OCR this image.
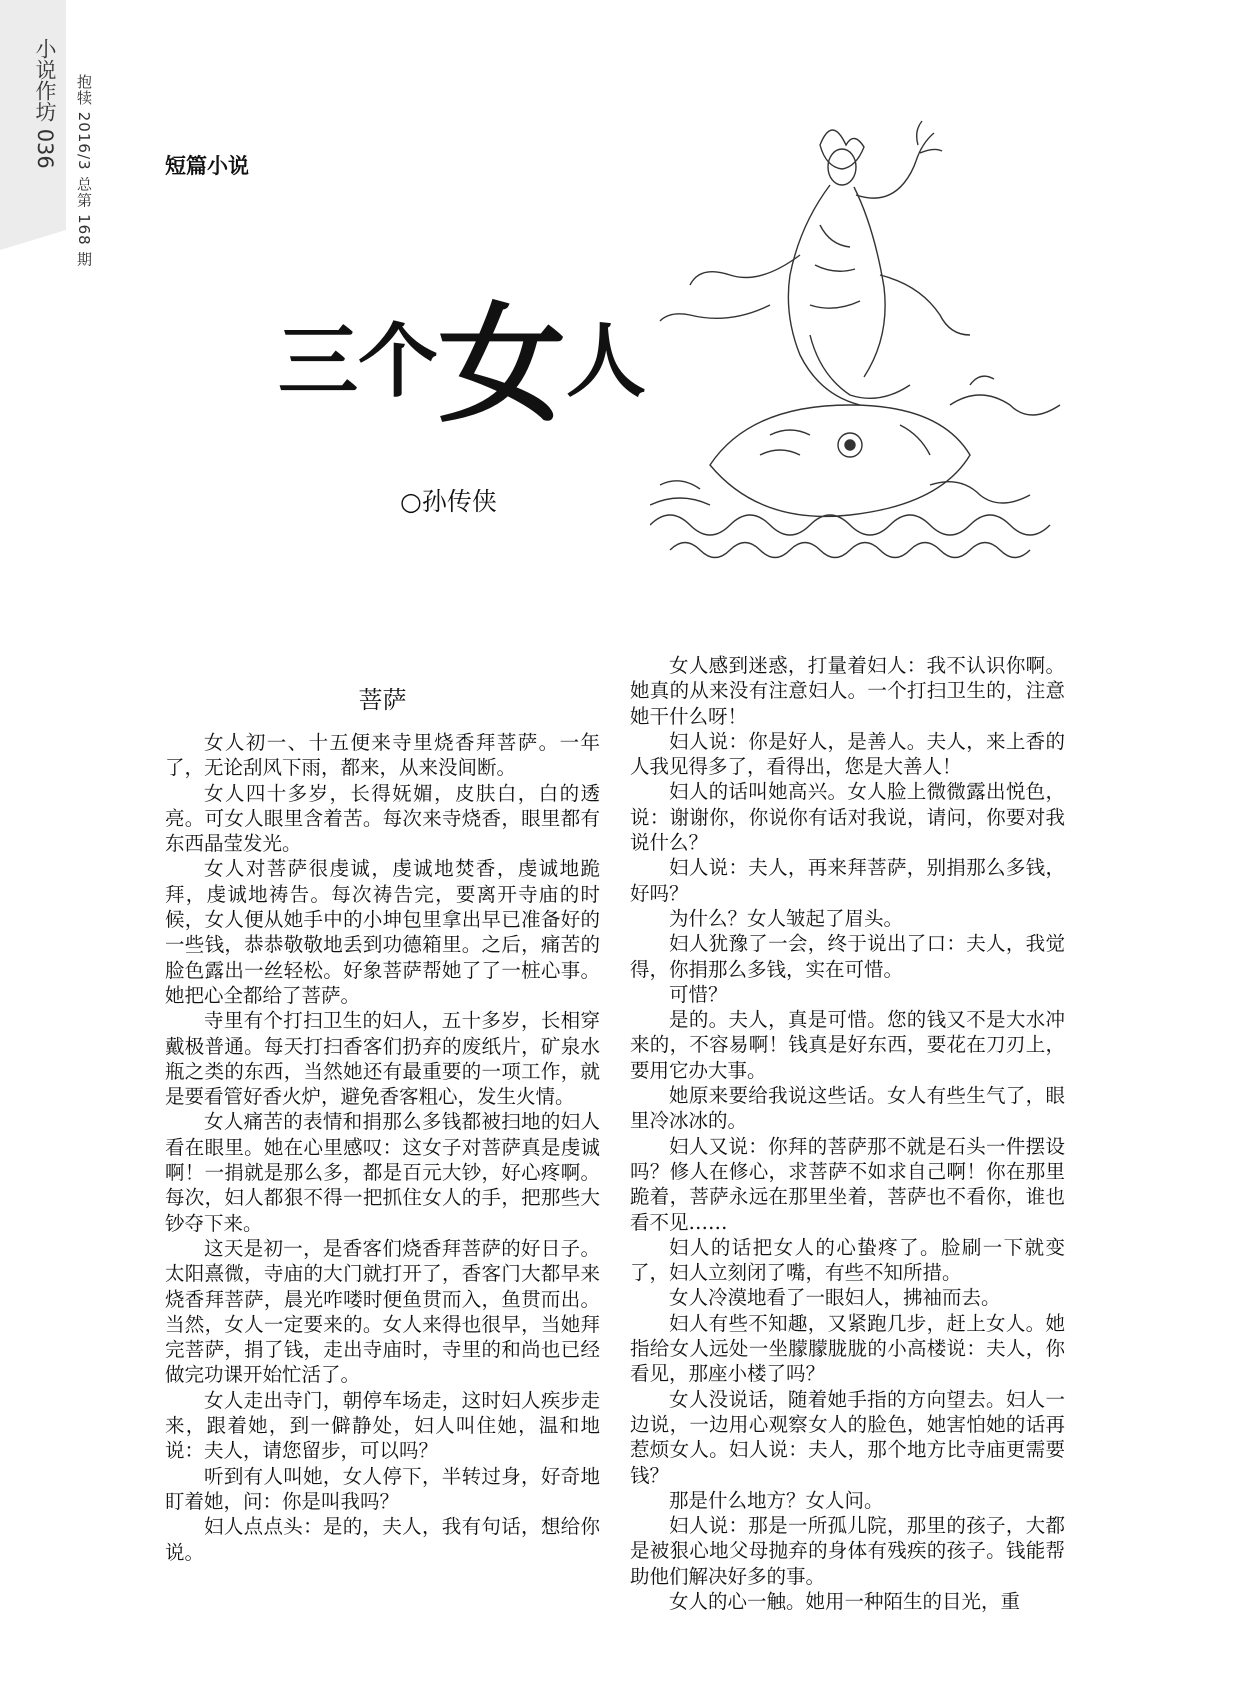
小说作坊 036 抱犊 2016/3 总第 168 期	短篇小说
三个女人
○孙传侠
菩萨

女人初一、十五便来寺里烧香拜菩萨。一年了，无论刮风下雨，都来，从来没间断。

女人四十多岁，长得妩媚，皮肤白，白的透亮。可女人眼里含着苦。每次来寺烧香，眼里都有东西晶莹发光。

女人对菩萨很虔诚，虔诚地焚香，虔诚地跪拜，虔诚地祷告。每次祷告完，要离开寺庙的时候，女人便从她手中的小坤包里拿出早已准备好的一些钱，恭恭敬敬地丢到功德箱里。之后，痛苦的脸色露出一丝轻松。好象菩萨帮她了了一桩心事。她把心全都给了菩萨。

寺里有个打扫卫生的妇人，五十多岁，长相穿戴极普通。每天打扫香客们扔弃的废纸片，矿泉水瓶之类的东西，当然她还有最重要的一项工作，就是要看管好香火炉，避免香客粗心，发生火情。

女人痛苦的表情和捐那么多钱都被扫地的妇人看在眼里。她在心里感叹：这女子对菩萨真是虔诚啊！一捐就是那么多，都是百元大钞，好心疼啊。每次，妇人都狠不得一把抓住女人的手，把那些大钞夺下来。

这天是初一，是香客们烧香拜菩萨的好日子。太阳熹微，寺庙的大门就打开了，香客门大都早来烧香拜菩萨，晨光咋喽时便鱼贯而入，鱼贯而出。当然，女人一定要来的。女人来得也很早，当她拜完菩萨，捐了钱，走出寺庙时，寺里的和尚也已经做完功课开始忙活了。

女人走出寺门，朝停车场走，这时妇人疾步走来，跟着她，到一僻静处，妇人叫住她，温和地说：夫人，请您留步，可以吗？

听到有人叫她，女人停下，半转过身，好奇地盯着她，问：你是叫我吗？

妇人点点头：是的，夫人，我有句话，想给你说。

女人感到迷惑，打量着妇人：我不认识你啊。她真的从来没有注意妇人。一个打扫卫生的，注意她干什么呀！

妇人说：你是好人，是善人。夫人，来上香的人我见得多了，看得出，您是大善人！

妇人的话叫她高兴。女人脸上微微露出悦色，说：谢谢你，你说你有话对我说，请问，你要对我说什么？

妇人说：夫人，再来拜菩萨，别捐那么多钱，好吗？

为什么？女人皱起了眉头。

妇人犹豫了一会，终于说出了口：夫人，我觉得，你捐那么多钱，实在可惜。

可惜？

是的。夫人，真是可惜。您的钱又不是大水冲来的，不容易啊！钱真是好东西，要花在刀刃上，要用它办大事。

她原来要给我说这些话。女人有些生气了，眼里冷冰冰的。

妇人又说：你拜的菩萨那不就是石头一件摆设吗？修人在修心，求菩萨不如求自己啊！你在那里跪着，菩萨永远在那里坐着，菩萨也不看你，谁也看不见……

妇人的话把女人的心蛰疼了。脸刷一下就变了，妇人立刻闭了嘴，有些不知所措。

女人冷漠地看了一眼妇人，拂袖而去。

妇人有些不知趣，又紧跑几步，赶上女人。她指给女人远处一坐朦朦胧胧的小高楼说：夫人，你看见，那座小楼了吗？

女人没说话，随着她手指的方向望去。妇人一边说，一边用心观察女人的脸色，她害怕她的话再惹烦女人。妇人说：夫人，那个地方比寺庙更需要钱？

那是什么地方？女人问。

妇人说：那是一所孤儿院，那里的孩子，大都是被狠心地父母抛弃的身体有残疾的孩子。钱能帮助他们解决好多的事。

女人的心一触。她用一种陌生的目光，重
